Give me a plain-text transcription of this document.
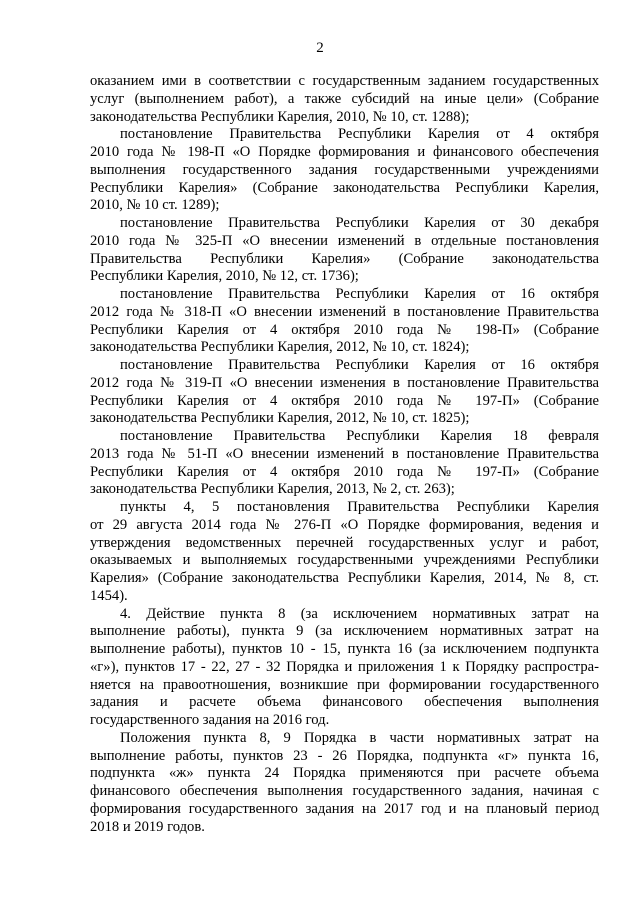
2
оказанием ими в соответствии с государственным заданием государственных
услуг (выполнением работ), а также субсидий на иные цели» (Собрание
законодательства Республики Карелия, 2010, № 10, ст. 1288);
постановление Правительства Республики Карелия от 4 октября
2010 года № 198-П «О Порядке формирования и финансового обеспечения
выполнения государственного задания государственными учреждениями
Республики Карелия» (Собрание законодательства Республики Карелия,
2010, № 10 ст. 1289);
постановление Правительства Республики Карелия от 30 декабря
2010 года № 325-П «О внесении изменений в отдельные постановления
Правительства Республики Карелия» (Собрание законодательства
Республики Карелия, 2010, № 12, ст. 1736);
постановление Правительства Республики Карелия от 16 октября
2012 года № 318-П «О внесении изменений в постановление Правительства
Республики Карелия от 4 октября 2010 года № 198-П» (Собрание
законодательства Республики Карелия, 2012, № 10, ст. 1824);
постановление Правительства Республики Карелия от 16 октября
2012 года № 319-П «О внесении изменения в постановление Правительства
Республики Карелия от 4 октября 2010 года № 197-П» (Собрание
законодательства Республики Карелия, 2012, № 10, ст. 1825);
постановление Правительства Республики Карелия 18 февраля
2013 года № 51-П «О внесении изменений в постановление Правительства
Республики Карелия от 4 октября 2010 года № 197-П» (Собрание
законодательства Республики Карелия, 2013, № 2, ст. 263);
пункты 4, 5 постановления Правительства Республики Карелия
от 29 августа 2014 года № 276-П «О Порядке формирования, ведения и
утверждения ведомственных перечней государственных услуг и работ,
оказываемых и выполняемых государственными учреждениями Республики
Карелия» (Собрание законодательства Республики Карелия, 2014, № 8, ст.
1454).
4. Действие пункта 8 (за исключением нормативных затрат на
выполнение работы), пункта 9 (за исключением нормативных затрат на
выполнение работы), пунктов 10 - 15, пункта 16 (за исключением подпункта
«г»), пунктов 17 - 22, 27 - 32 Порядка и приложения 1 к Порядку распростра-
няется на правоотношения, возникшие при формировании государственного
задания и расчете объема финансового обеспечения выполнения
государственного задания на 2016 год.
Положения пункта 8, 9 Порядка в части нормативных затрат на
выполнение работы, пунктов 23 - 26 Порядка, подпункта «г» пункта 16,
подпункта «ж» пункта 24 Порядка применяются при расчете объема
финансового обеспечения выполнения государственного задания, начиная с
формирования государственного задания на 2017 год и на плановый период
2018 и 2019 годов.
